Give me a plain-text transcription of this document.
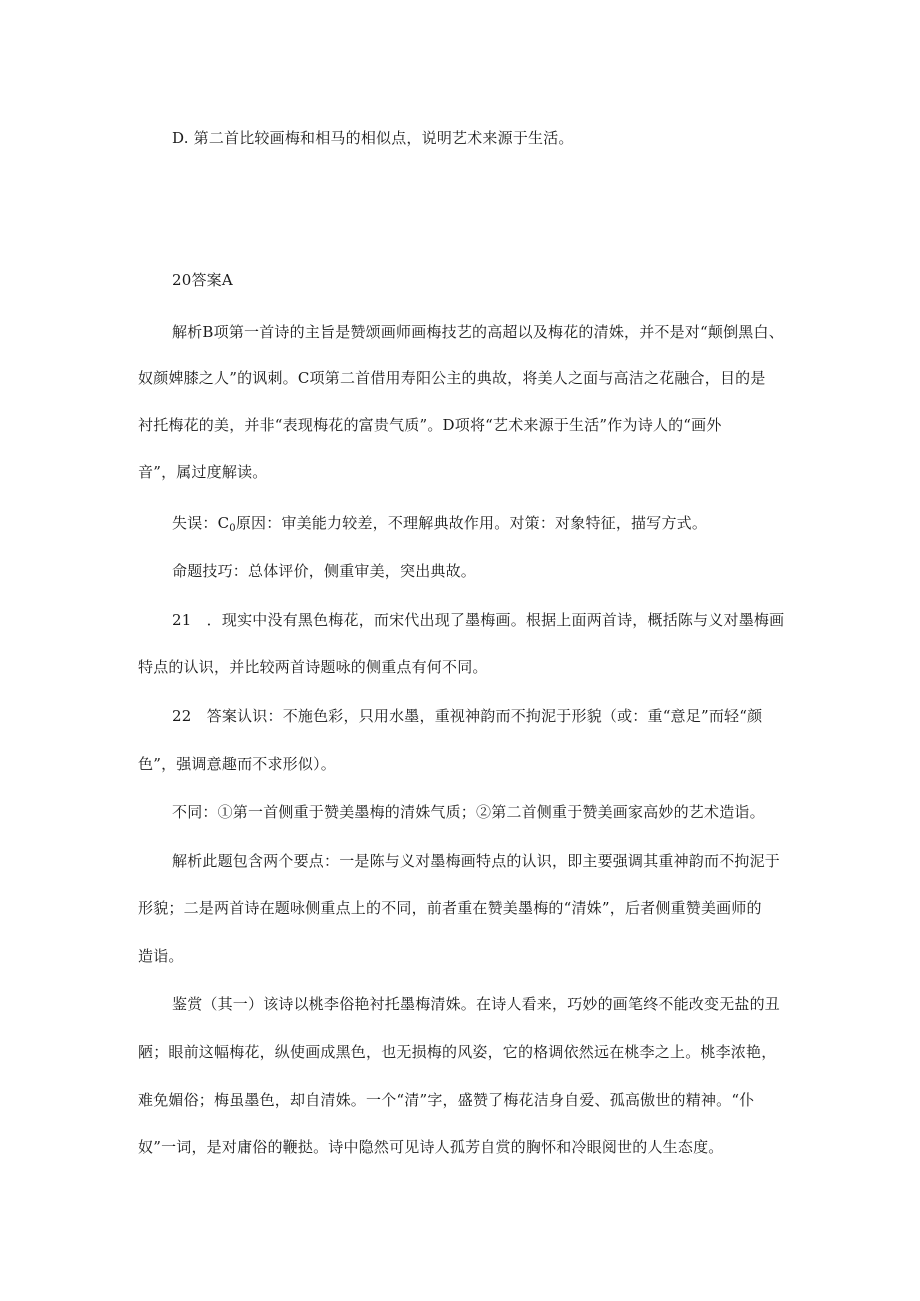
D. 第二首比较画梅和相马的相似点，说明艺术来源于生活。
20答案A
解析B项第一首诗的主旨是赞颂画师画梅技艺的高超以及梅花的清姝，并不是对“颠倒黑白、
奴颜婢膝之人”的讽刺。C项第二首借用寿阳公主的典故，将美人之面与高洁之花融合，目的是
衬托梅花的美，并非“表现梅花的富贵气质”。D项将“艺术来源于生活”作为诗人的“画外
音”，属过度解读。
失误：$C_0$原因：审美能力较差，不理解典故作用。对策：对象特征，描写方式。
命题技巧：总体评价，侧重审美，突出典故。
21　．现实中没有黑色梅花，而宋代出现了墨梅画。根据上面两首诗，概括陈与义对墨梅画
特点的认识，并比较两首诗题咏的侧重点有何不同。
22　答案认识：不施色彩，只用水墨，重视神韵而不拘泥于形貌（或：重“意足”而轻“颜
色”，强调意趣而不求形似）。
不同：①第一首侧重于赞美墨梅的清姝气质；②第二首侧重于赞美画家高妙的艺术造诣。
解析此题包含两个要点：一是陈与义对墨梅画特点的认识，即主要强调其重神韵而不拘泥于
形貌；二是两首诗在题咏侧重点上的不同，前者重在赞美墨梅的“清姝”，后者侧重赞美画师的
造诣。
鉴赏（其一）该诗以桃李俗艳衬托墨梅清姝。在诗人看来，巧妙的画笔终不能改变无盐的丑
陋；眼前这幅梅花，纵使画成黑色，也无损梅的风姿，它的格调依然远在桃李之上。桃李浓艳，
难免媚俗；梅虽墨色，却自清姝。一个“清”字，盛赞了梅花洁身自爱、孤高傲世的精神。“仆
奴”一词，是对庸俗的鞭挞。诗中隐然可见诗人孤芳自赏的胸怀和冷眼阅世的人生态度。
